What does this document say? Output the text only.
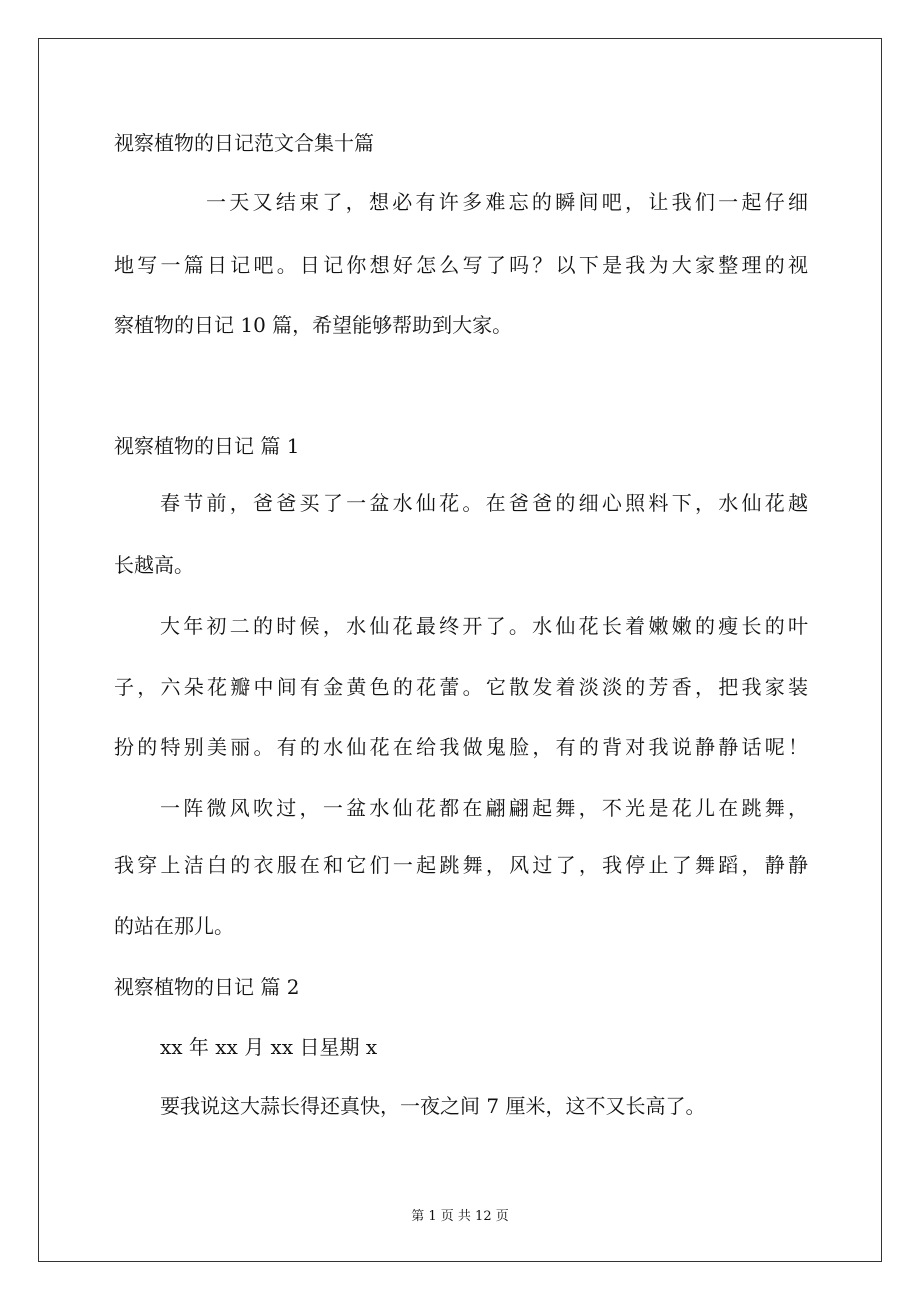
视察植物的日记范文合集十篇
一天又结束了，想必有许多难忘的瞬间吧，让我们一起仔细
地写一篇日记吧。日记你想好怎么写了吗？以下是我为大家整理的视
察植物的日记 10 篇，希望能够帮助到大家。
视察植物的日记 篇 1
春节前，爸爸买了一盆水仙花。在爸爸的细心照料下，水仙花越
长越高。
大年初二的时候，水仙花最终开了。水仙花长着嫩嫩的瘦长的叶
子，六朵花瓣中间有金黄色的花蕾。它散发着淡淡的芳香，把我家装
扮的特别美丽。有的水仙花在给我做鬼脸，有的背对我说静静话呢！
一阵微风吹过，一盆水仙花都在翩翩起舞，不光是花儿在跳舞，
我穿上洁白的衣服在和它们一起跳舞，风过了，我停止了舞蹈，静静
的站在那儿。
视察植物的日记 篇 2
xx 年 xx 月 xx 日星期 x
要我说这大蒜长得还真快，一夜之间 7 厘米，这不又长高了。
第 1 页 共 12 页
